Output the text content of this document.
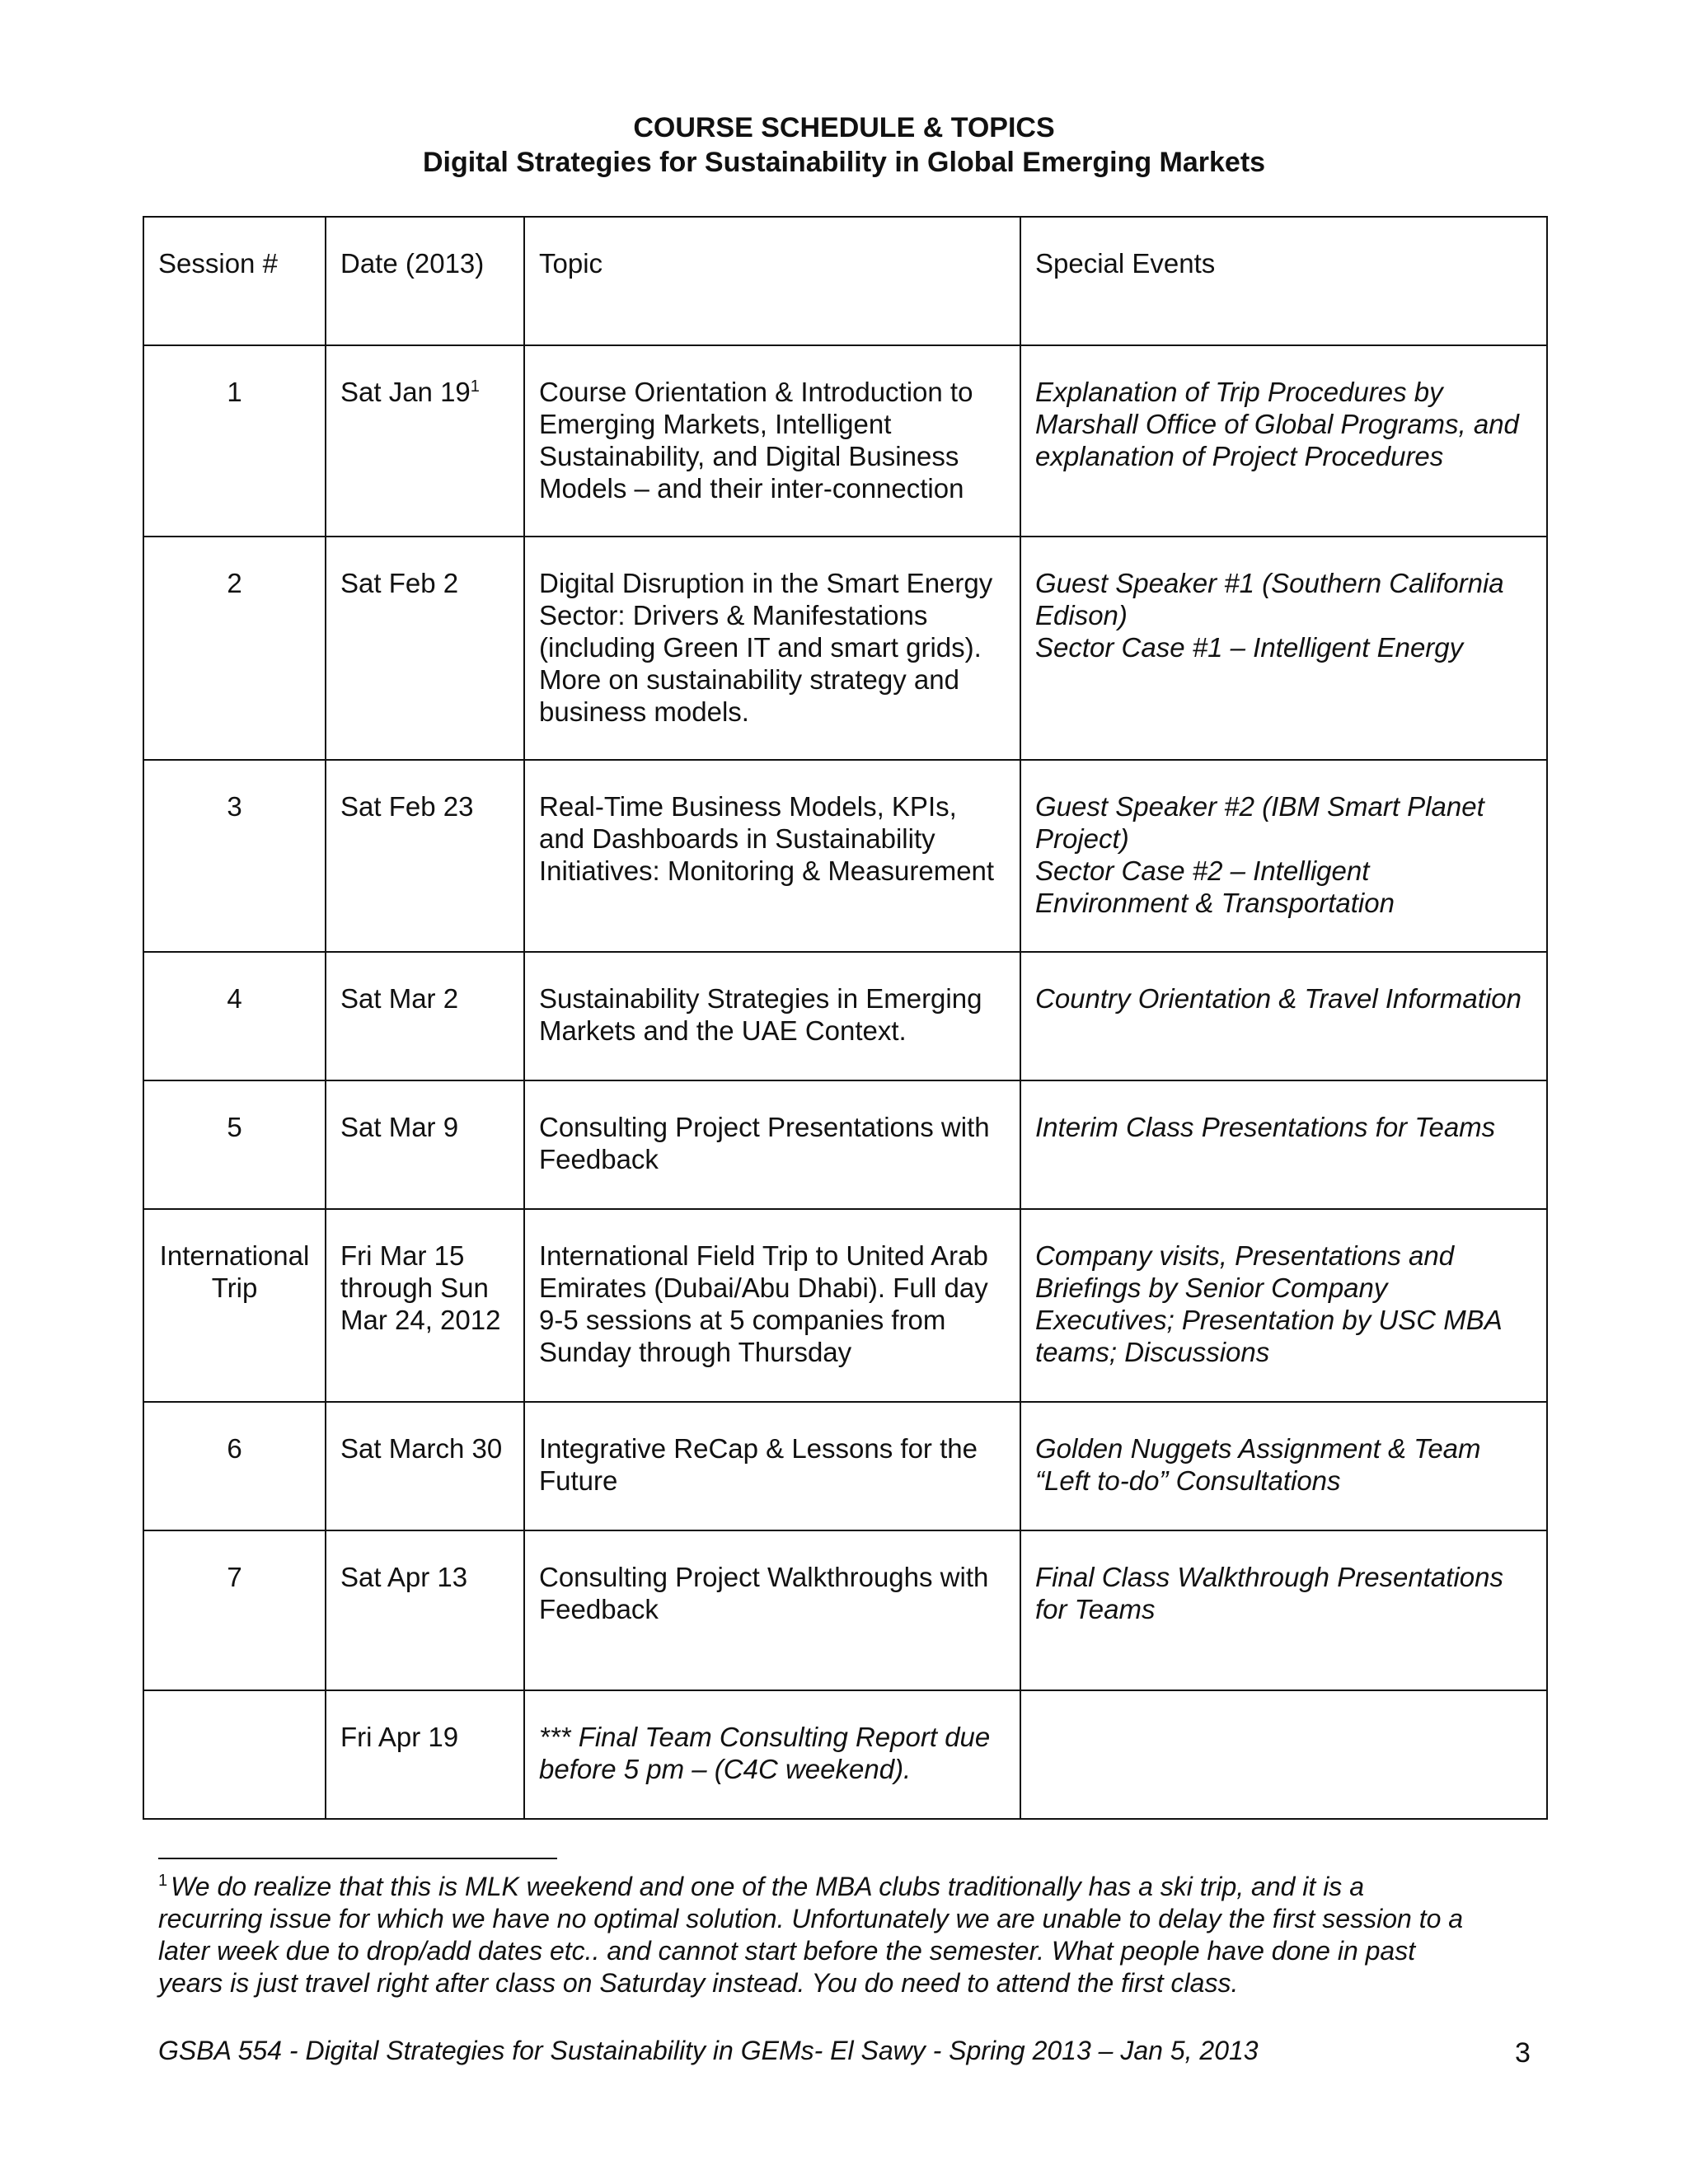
COURSE SCHEDULE & TOPICS
Digital Strategies for Sustainability in Global Emerging Markets
Session #	Date (2013)	Topic	Special Events

1	Sat Jan $19^1$	Course Orientation & Introduction to
Emerging Markets, Intelligent
Sustainability, and Digital Business
Models – and their inter-connection	Explanation of Trip Procedures by
Marshall Office of Global Programs, and
explanation of Project Procedures

2	Sat Feb 2	Digital Disruption in the Smart Energy
Sector: Drivers & Manifestations
(including Green IT and smart grids).
More on sustainability strategy and
business models.	Guest Speaker #1 (Southern California
Edison)
Sector Case #1 – Intelligent Energy

3	Sat Feb 23	Real-Time Business Models, KPIs,
and Dashboards in Sustainability
Initiatives: Monitoring & Measurement	Guest Speaker #2 (IBM Smart Planet
Project)
Sector Case #2 – Intelligent
Environment & Transportation

4	Sat Mar 2	Sustainability Strategies in Emerging
Markets and the UAE Context.	Country Orientation & Travel Information

5	Sat Mar 9	Consulting Project Presentations with
Feedback	Interim Class Presentations for Teams

International
Trip	Fri Mar 15
through Sun
Mar 24, 2012	International Field Trip to United Arab
Emirates (Dubai/Abu Dhabi). Full day
9-5 sessions at 5 companies from
Sunday through Thursday	Company visits, Presentations and
Briefings by Senior Company
Executives; Presentation by USC MBA
teams; Discussions

6	Sat March 30	Integrative ReCap & Lessons for the
Future	Golden Nuggets Assignment & Team
“Left to-do” Consultations

7	Sat Apr 13	Consulting Project Walkthroughs with
Feedback	Final Class Walkthrough Presentations
for Teams

	Fri Apr 19	*** Final Team Consulting Report due
before 5 pm – (C4C weekend).	

$^1$ We do realize that this is MLK weekend and one of the MBA clubs traditionally has a ski trip, and it is a
recurring issue for which we have no optimal solution. Unfortunately we are unable to delay the first session to a
later week due to drop/add dates etc.. and cannot start before the semester. What people have done in past
years is just travel right after class on Saturday instead. You do need to attend the first class.
GSBA 554 - Digital Strategies for Sustainability in GEMs- El Sawy - Spring 2013 – Jan 5, 2013	3
